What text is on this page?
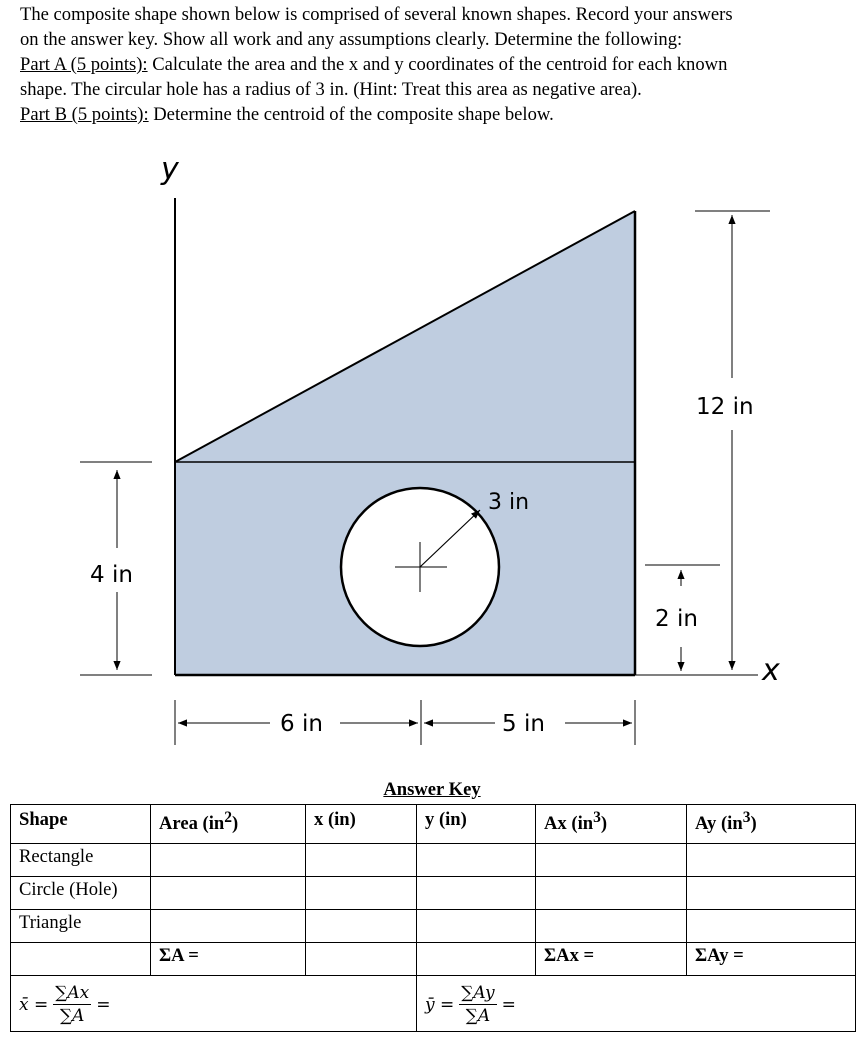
The composite shape shown below is comprised of several known shapes. Record your answers

on the answer key. Show all work and any assumptions clearly. Determine the following:

Part A (5 points): Calculate the area and the x and y coordinates of the centroid for each known

shape. The circular hole has a radius of 3 in. (Hint: Treat this area as negative area).

Part B (5 points): Determine the centroid of the composite shape below.

3 in
y
x
4 in
12 in
2 in
6 in	5 in
Answer Key
Shape	Area $(in^2)$	x (in)	y (in)	Ax $(in^3)$	Ay $(in^3)$
Rectangle					
Circle (Hole)					
Triangle					
	ΣA =			ΣAx =	ΣAy =

x̄ = $\frac{\sum Ax}{\sum A}$ =			ȳ = $\frac{\sum Ay}{\sum A}$ =		
